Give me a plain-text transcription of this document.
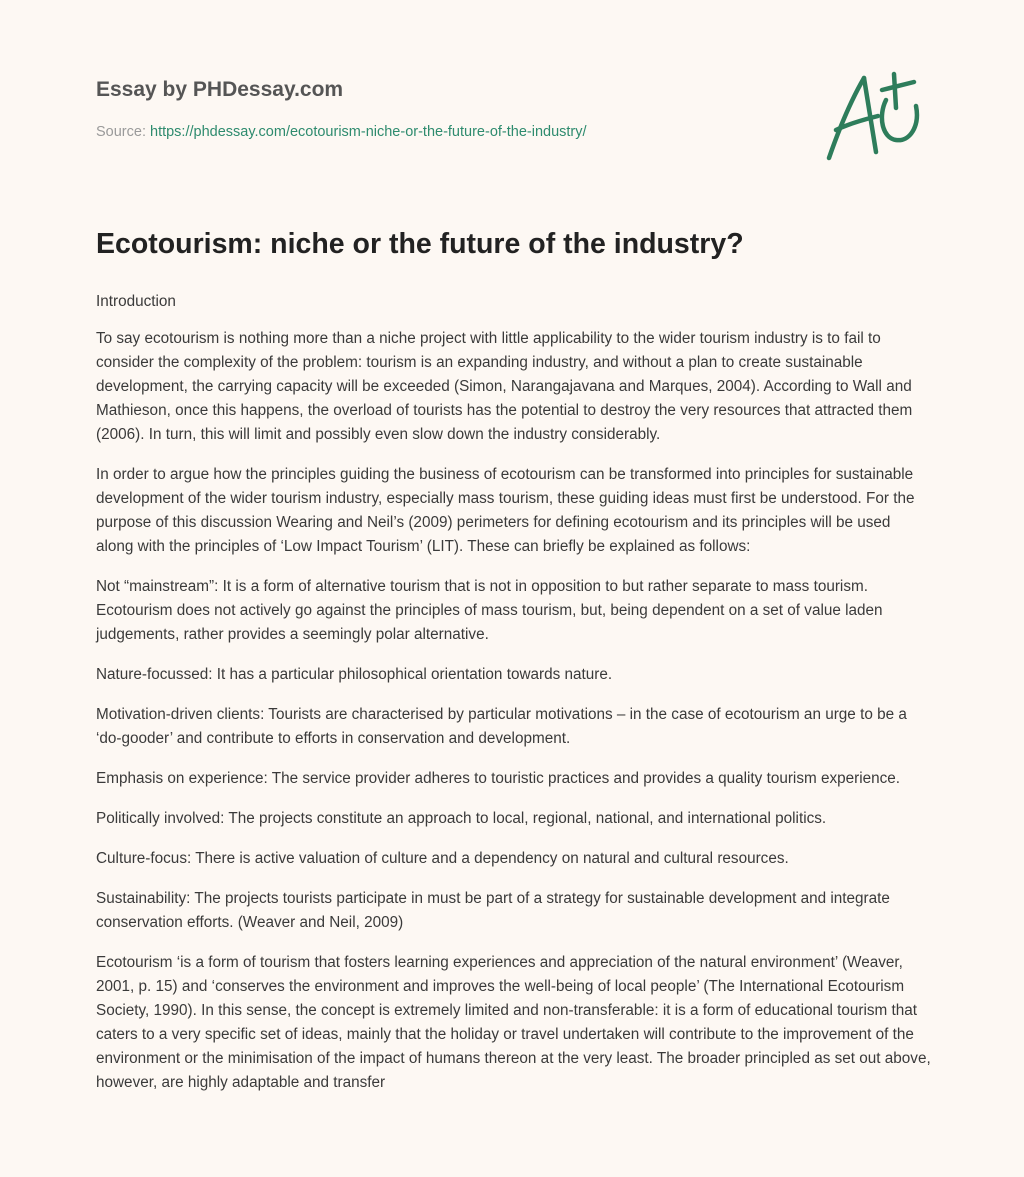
Essay by PHDessay.com
Source: https://phdessay.com/ecotourism-niche-or-the-future-of-the-industry/
Ecotourism: niche or the future of the industry?

Introduction

To say ecotourism is nothing more than a niche project with little applicability to the wider tourism industry is to fail to consider the complexity of the problem: tourism is an expanding industry, and without a plan to create sustainable development, the carrying capacity will be exceeded (Simon, Narangajavana and Marques, 2004). According to Wall and Mathieson, once this happens, the overload of tourists has the potential to destroy the very resources that attracted them (2006). In turn, this will limit and possibly even slow down the industry considerably.

In order to argue how the principles guiding the business of ecotourism can be transformed into principles for sustainable development of the wider tourism industry, especially mass tourism, these guiding ideas must first be understood. For the purpose of this discussion Wearing and Neil’s (2009) perimeters for defining ecotourism and its principles will be used along with the principles of ‘Low Impact Tourism’ (LIT). These can briefly be explained as follows:

Not “mainstream”: It is a form of alternative tourism that is not in opposition to but rather separate to mass tourism. Ecotourism does not actively go against the principles of mass tourism, but, being dependent on a set of value laden judgements, rather provides a seemingly polar alternative.

Nature-focussed: It has a particular philosophical orientation towards nature.

Motivation-driven clients: Tourists are characterised by particular motivations – in the case of ecotourism an urge to be a ‘do-gooder’ and contribute to efforts in conservation and development.

Emphasis on experience: The service provider adheres to touristic practices and provides a quality tourism experience.

Politically involved: The projects constitute an approach to local, regional, national, and international politics.

Culture-focus: There is active valuation of culture and a dependency on natural and cultural resources.

Sustainability: The projects tourists participate in must be part of a strategy for sustainable development and integrate conservation efforts. (Weaver and Neil, 2009)

Ecotourism ‘is a form of tourism that fosters learning experiences and appreciation of the natural environment’ (Weaver, 2001, p. 15) and ‘conserves the environment and improves the well-being of local people’ (The International Ecotourism Society, 1990). In this sense, the concept is extremely limited and non-transferable: it is a form of educational tourism that caters to a very specific set of ideas, mainly that the holiday or travel undertaken will contribute to the improvement of the environment or the minimisation of the impact of humans thereon at the very least. The broader principled as set out above, however, are highly adaptable and transfer
